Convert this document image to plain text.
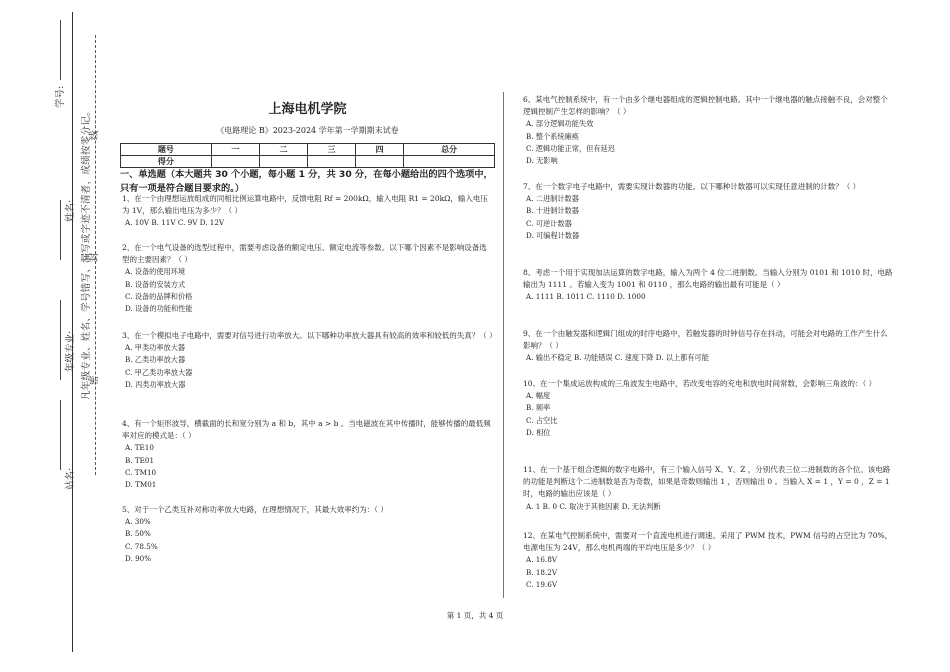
学号:
姓名:
年级专业:
站名:
凡年级专业、姓名、学号错写、漏写或字迹不清者，成绩按零分记。
密
封
线
上海电机学院
《电路理论 B》2023-2024 学年第一学期期末试卷
题号	一	二	三	四	总分
得分					
一、单选题（本大题共 30 个小题，每小题 1 分，共 30 分，在每小题给出的四个选项中，只有一项是符合题目要求的。）

1、在一个由理想运放组成的同相比例运算电路中，反馈电阻 Rf = 200kΩ，输入电阻 R1 = 20kΩ，输入电压为 1V，那么输出电压为多少？（ ）

A. 10V B. 11V C. 9V D. 12V

2、在一个电气设备的选型过程中，需要考虑设备的额定电压、额定电流等参数。以下哪个因素不是影响设备选型的主要因素？（ ）

A. 设备的使用环境

B. 设备的安装方式

C. 设备的品牌和价格

D. 设备的功能和性能

3、在一个模拟电子电路中，需要对信号进行功率放大。以下哪种功率放大器具有较高的效率和较低的失真？（ ）

A. 甲类功率放大器

B. 乙类功率放大器

C. 甲乙类功率放大器

D. 丙类功率放大器

4、有一个矩形波导，横截面的长和宽分别为 a 和 b，其中 a > b 。当电磁波在其中传播时，能够传播的最低频率对应的模式是：（ ）

A. TE10

B. TE01

C. TM10

D. TM01

5、对于一个乙类互补对称功率放大电路，在理想情况下，其最大效率约为：（ ）

A. 30%

B. 50%

C. 78.5%

D. 90%

6、某电气控制系统中，有一个由多个继电器组成的逻辑控制电路。其中一个继电器的触点接触不良，会对整个逻辑控制产生怎样的影响？（ ）

A. 部分逻辑功能失效

B. 整个系统瘫痪

C. 逻辑功能正常，但有延迟

D. 无影响

7、在一个数字电子电路中，需要实现计数器的功能。以下哪种计数器可以实现任意进制的计数？（ ）

A. 二进制计数器

B. 十进制计数器

C. 可逆计数器

D. 可编程计数器

8、考虑一个用于实现加法运算的数字电路，输入为两个 4 位二进制数。当输入分别为 0101 和 1010 时，电路输出为 1111 。若输入变为 1001 和 0110 ，那么电路的输出最有可能是（ ）

A. 1111 B. 1011 C. 1110 D. 1000

9、在一个由触发器和逻辑门组成的时序电路中，若触发器的时钟信号存在抖动，可能会对电路的工作产生什么影响？（ ）

A. 输出不稳定 B. 功能错误 C. 速度下降 D. 以上都有可能

10、在一个集成运放构成的三角波发生电路中，若改变电容的充电和放电时间常数，会影响三角波的：（ ）

A. 幅度

B. 频率

C. 占空比

D. 相位

11、在一个基于组合逻辑的数字电路中，有三个输入信号 X、Y、Z ，分别代表三位二进制数的各个位。该电路的功能是判断这个二进制数是否为奇数，如果是奇数则输出 1 ，否则输出 0 。当输入 X = 1 ，Y = 0 ，Z = 1 时，电路的输出应该是（ ）

A. 1 B. 0 C. 取决于其他因素 D. 无法判断

12、在某电气控制系统中，需要对一个直流电机进行调速。采用了 PWM 技术，PWM 信号的占空比为 70%，电源电压为 24V，那么电机两端的平均电压是多少？（ ）

A. 16.8V

B. 18.2V

C. 19.6V

第 1 页，共 4 页
